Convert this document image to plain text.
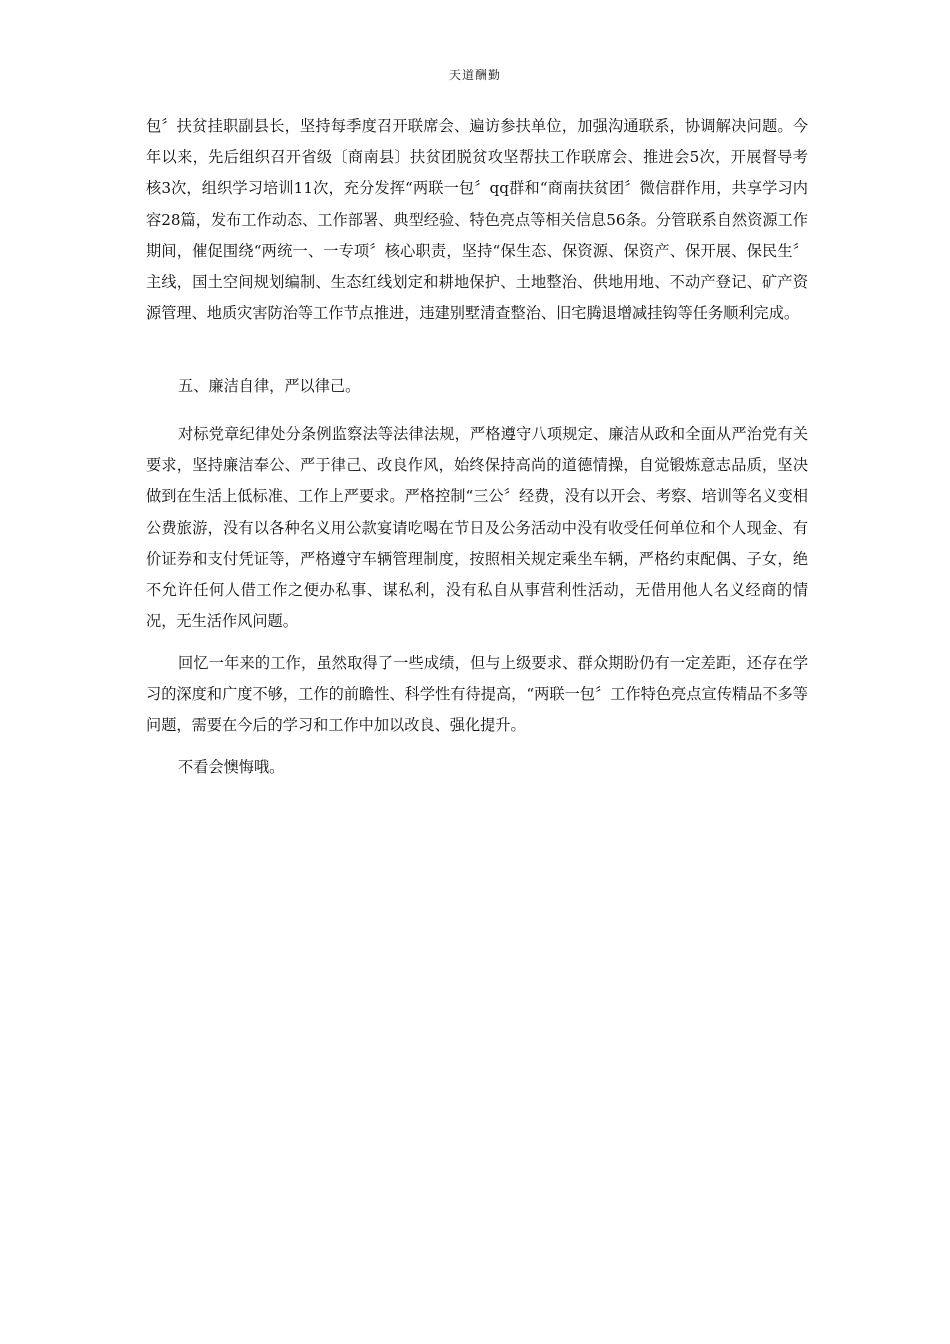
天道酬勤

包〞扶贫挂职副县长，坚持每季度召开联席会、遍访参扶单位，加强沟通联系，协调解决问题。今年以来，先后组织召开省级〔商南县〕扶贫团脱贫攻坚帮扶工作联席会、推进会5次，开展督导考核3次，组织学习培训11次，充分发挥“两联一包〞qq群和“商南扶贫团〞微信群作用，共享学习内容28篇，发布工作动态、工作部署、典型经验、特色亮点等相关信息56条。分管联系自然资源工作期间，催促围绕“两统一、一专项〞核心职责，坚持“保生态、保资源、保资产、保开展、保民生〞主线，国土空间规划编制、生态红线划定和耕地保护、土地整治、供地用地、不动产登记、矿产资源管理、地质灾害防治等工作节点推进，违建别墅清查整治、旧宅腾退增减挂钩等任务顺利完成。

五、廉洁自律，严以律己。

对标党章纪律处分条例监察法等法律法规，严格遵守八项规定、廉洁从政和全面从严治党有关要求，坚持廉洁奉公、严于律己、改良作风，始终保持高尚的道德情操，自觉锻炼意志品质，坚决做到在生活上低标准、工作上严要求。严格控制“三公〞经费，没有以开会、考察、培训等名义变相公费旅游，没有以各种名义用公款宴请吃喝在节日及公务活动中没有收受任何单位和个人现金、有价证券和支付凭证等，严格遵守车辆管理制度，按照相关规定乘坐车辆，严格约束配偶、子女，绝不允许任何人借工作之便办私事、谋私利，没有私自从事营利性活动，无借用他人名义经商的情况，无生活作风问题。

回忆一年来的工作，虽然取得了一些成绩，但与上级要求、群众期盼仍有一定差距，还存在学习的深度和广度不够，工作的前瞻性、科学性有待提高，“两联一包〞工作特色亮点宣传精品不多等问题，需要在今后的学习和工作中加以改良、强化提升。

不看会懊悔哦。
